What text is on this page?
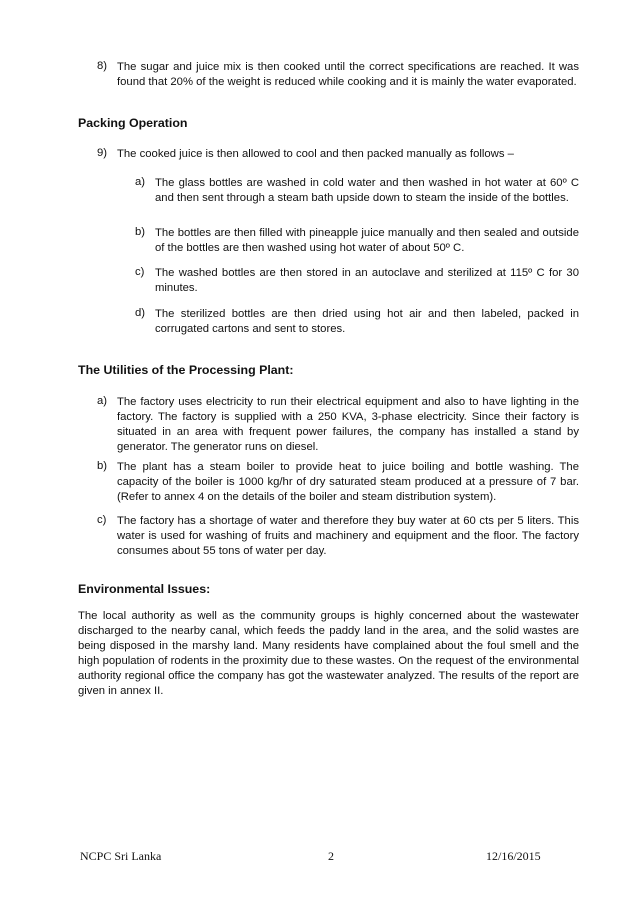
8) The sugar and juice mix is then cooked until the correct specifications are reached. It was found that 20% of the weight is reduced while cooking and it is mainly the water evaporated.

Packing Operation
9) The cooked juice is then allowed to cool and then packed manually as follows –

a) The glass bottles are washed in cold water and then washed in hot water at 60º C and then sent through a steam bath upside down to steam the inside of the bottles.

b) The bottles are then filled with pineapple juice manually and then sealed and outside of the bottles are then washed using hot water of about 50º C.

c) The washed bottles are then stored in an autoclave and sterilized at 115º C for 30 minutes.

d) The sterilized bottles are then dried using hot air and then labeled, packed in corrugated cartons and sent to stores.

The Utilities of the Processing Plant:
a) The factory uses electricity to run their electrical equipment and also to have lighting in the factory. The factory is supplied with a 250 KVA, 3-phase electricity. Since their factory is situated in an area with frequent power failures, the company has installed a stand by generator. The generator runs on diesel.

b) The plant has a steam boiler to provide heat to juice boiling and bottle washing. The capacity of the boiler is 1000 kg/hr of dry saturated steam produced at a pressure of 7 bar. (Refer to annex 4 on the details of the boiler and steam distribution system).

c) The factory has a shortage of water and therefore they buy water at 60 cts per 5 liters. This water is used for washing of fruits and machinery and equipment and the floor. The factory consumes about 55 tons of water per day.

Environmental Issues:

The local authority as well as the community groups is highly concerned about the wastewater discharged to the nearby canal, which feeds the paddy land in the area, and the solid wastes are being disposed in the marshy land. Many residents have complained about the foul smell and the high population of rodents in the proximity due to these wastes. On the request of the environmental authority regional office the company has got the wastewater analyzed. The results of the report are given in annex II.

NCPC Sri Lanka	2	12/16/2015
